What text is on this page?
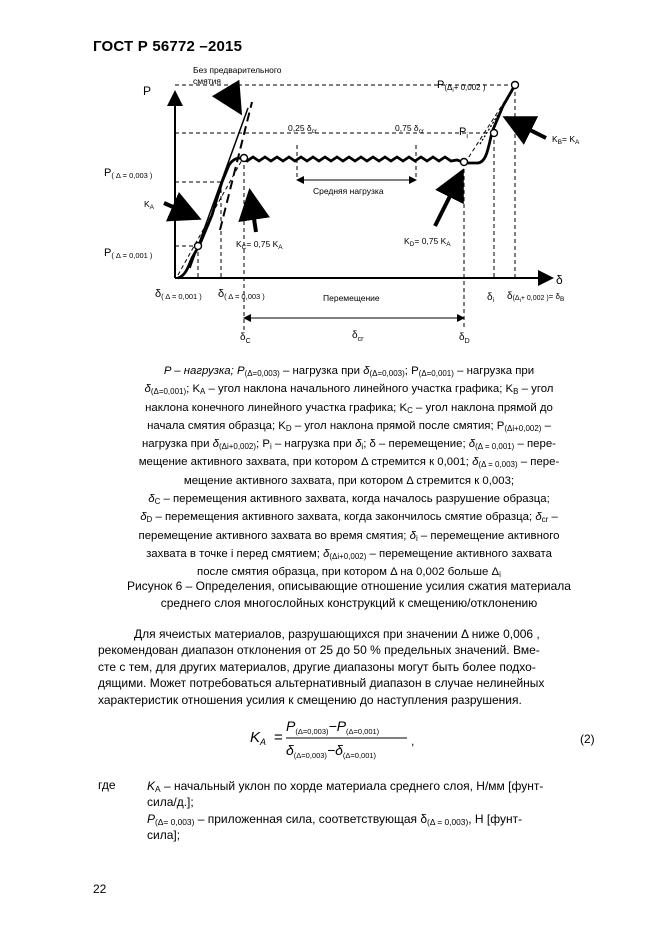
ГОСТ Р 56772 –2015
P
δ
Без предварительного
смятия	P(Δi+ 0,002 )
$P_i$	$K_B= K_A$
P( Δ = 0,003 )
P( Δ = 0,001 )
$K_A$
$K_C= 0,75$ $K_A$
$K_D= 0,75$ $K_A$
0,25 $\delta_{cr}$	0,75 $\delta_{cr}$
Средняя нагрузка
Перемещение
δ( Δ = 0,001 ) δ( Δ = 0,003 )	$\delta_i$ $\delta(\Delta_i^{+ 0,002 )}= \delta_B$
$\delta_C$	$\delta_D$
$\delta_{cr}$
P – нагрузка; $P_{(\Delta=0,003)}$ – нагрузка при $\delta_{(\Delta=0,003)}$; $P_{(\Delta=0,001)}$ – нагрузка при
$\delta_{(\Delta=0,001)}$; $K_A$ – угол наклона начального линейного участка графика; $K_B$ – угол
наклона конечного линейного участка графика; $K_C$ – угол наклона прямой до
начала смятия образца; $K_D$ – угол наклона прямой после смятия; $P_{(\Delta i+0,002)}$ –
нагрузка при $\delta_{(\Delta i+0,002)}$; $P_i$ – нагрузка при $\delta_i$; δ – перемещение; $\delta_{(\Delta = 0,001)}$ – пере-
мещение активного захвата, при котором Δ стремится к 0,001; $\delta_{(\Delta = 0,003)}$ – пере-
мещение активного захвата, при котором Δ стремится к 0,003;
$\delta_C$ – перемещения активного захвата, когда началось разрушение образца;
$\delta_D$ – перемещения активного захвата, когда закончилось смятие образца; $\delta_{cr}$ –
перемещение активного захвата во время смятия; $\delta_i$ – перемещение активного
захвата в точке i перед смятием; $\delta_{(\Delta i+0,002)}$ – перемещение активного захвата
после смятия образца, при котором Δ на 0,002 больше $\Delta_i$
Рисунок 6 – Определения, описывающие отношение усилия сжатия материала
среднего слоя многослойных конструкций к смещению/отклонению
Для ячеистых материалов, разрушающихся при значении Δ ниже 0,006 ,
рекомендован диапазон отклонения от 25 до 50 % предельных значений. Вме-
сте с тем, для других материалов, другие диапазоны могут быть более подхо-
дящими. Может потребоваться альтернативный диапазон в случае нелинейных
характеристик отношения усилия к смещению до наступления разрушения.
$K_A$ =
$P_{(\Delta=0,003)}-P_{(\Delta=0,001)}$
$\delta_{(\Delta=0,003)}-\delta_{(\Delta=0,001)}$
,	(2)
где	$K_A$ – начальный уклон по хорде материала среднего слоя, Н/мм [фунт-
сила/д.];
$P_{(\Delta= 0,003)}$ – приложенная сила, соответствующая $\delta_{(\Delta = 0,003)}$, Н [фунт-
сила];
22
